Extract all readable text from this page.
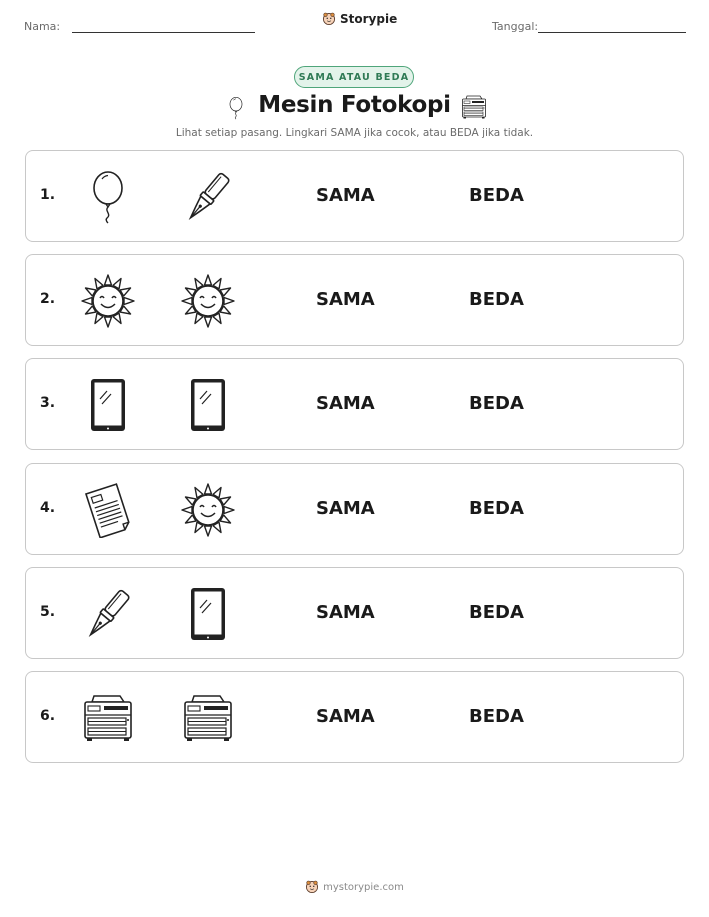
Nama:
Storypie
Tanggal:
SAMA ATAU BEDA
Mesin Fotokopi
Lihat setiap pasang. Lingkari SAMA jika cocok, atau BEDA jika tidak.
1.	SAMA	BEDA
2.	SAMA	BEDA
3.	SAMA	BEDA
4.	SAMA	BEDA
5.	SAMA	BEDA
6.	SAMA	BEDA
mystorypie.com
